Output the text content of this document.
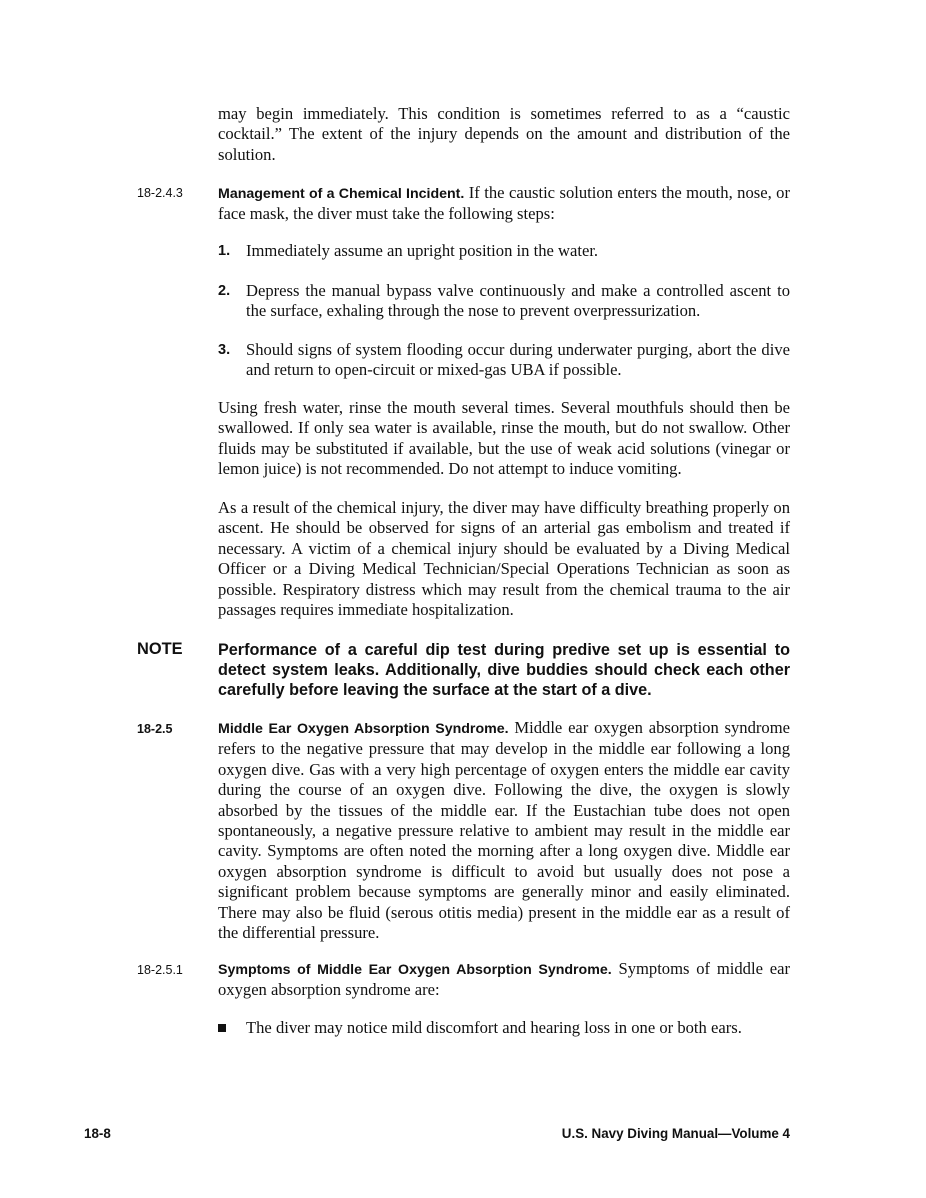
may begin immediately. This condition is sometimes referred to as a “caustic cocktail.” The extent of the injury depends on the amount and distribution of the solution.
18-2.4.3 Management of a Chemical Incident. If the caustic solution enters the mouth, nose, or face mask, the diver must take the following steps:
1. Immediately assume an upright position in the water.
2. Depress the manual bypass valve continuously and make a controlled ascent to the surface, exhaling through the nose to prevent overpressurization.
3. Should signs of system flooding occur during underwater purging, abort the dive and return to open-circuit or mixed-gas UBA if possible.
Using fresh water, rinse the mouth several times. Several mouthfuls should then be swallowed. If only sea water is available, rinse the mouth, but do not swallow. Other fluids may be substituted if available, but the use of weak acid solutions (vinegar or lemon juice) is not recommended. Do not attempt to induce vomiting.
As a result of the chemical injury, the diver may have difficulty breathing properly on ascent. He should be observed for signs of an arterial gas embolism and treated if necessary. A victim of a chemical injury should be evaluated by a Diving Medical Officer or a Diving Medical Technician/Special Operations Technician as soon as possible. Respiratory distress which may result from the chemical trauma to the air passages requires immediate hospitalization.
NOTE Performance of a careful dip test during predive set up is essential to detect system leaks. Additionally, dive buddies should check each other carefully before leaving the surface at the start of a dive.
18-2.5	Middle Ear Oxygen Absorption Syndrome. Middle ear oxygen absorption syndrome refers to the negative pressure that may develop in the middle ear following a long oxygen dive. Gas with a very high percentage of oxygen enters the middle ear cavity during the course of an oxygen dive. Following the dive, the oxygen is slowly absorbed by the tissues of the middle ear. If the Eustachian tube does not open spontaneously, a negative pressure relative to ambient may result in the middle ear cavity. Symptoms are often noted the morning after a long oxygen dive. Middle ear oxygen absorption syndrome is difficult to avoid but usually does not pose a significant problem because symptoms are generally minor and easily eliminated. There may also be fluid (serous otitis media) present in the middle ear as a result of the differential pressure.
18-2.5.1 Symptoms of Middle Ear Oxygen Absorption Syndrome. Symptoms of middle ear oxygen absorption syndrome are:
The diver may notice mild discomfort and hearing loss in one or both ears.
18-8	U.S. Navy Diving Manual—Volume 4
